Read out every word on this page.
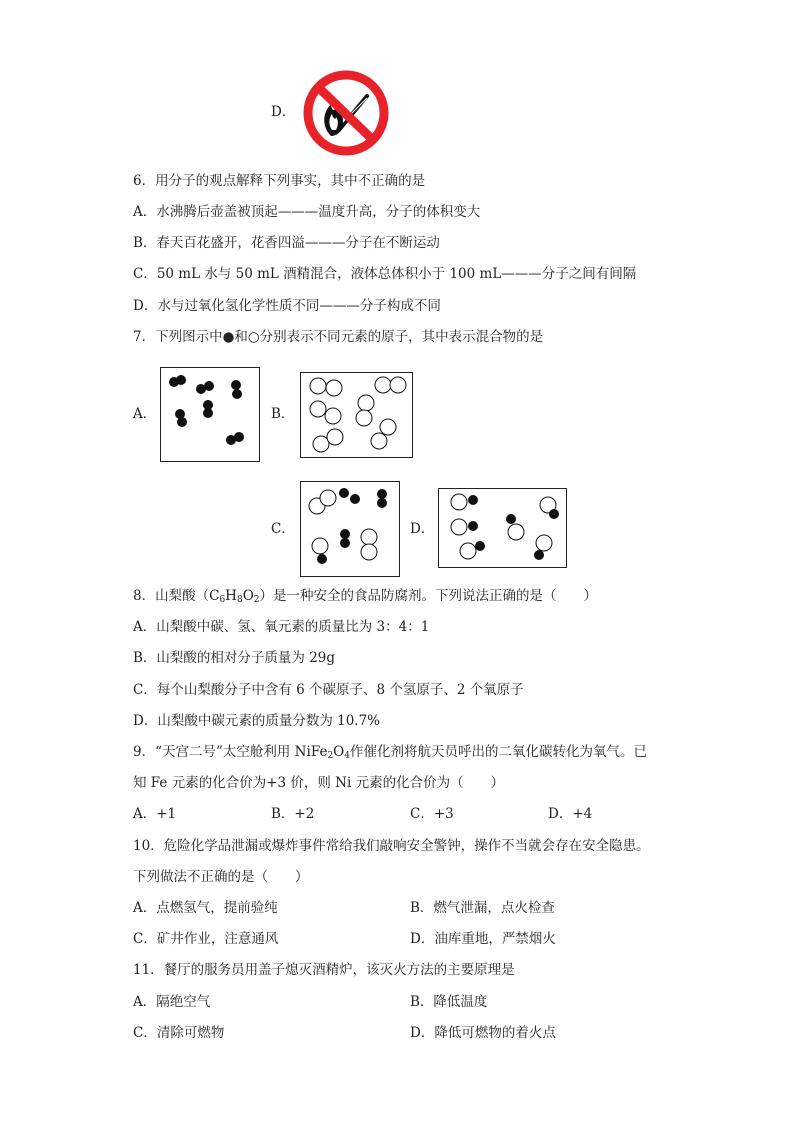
D．
6．用分子的观点解释下列事实，其中不正确的是
A．水沸腾后壶盖被顶起———温度升高，分子的体积变大
B．春天百花盛开，花香四溢———分子在不断运动
C．50 mL 水与 50 mL 酒精混合，液体总体积小于 100 mL———分子之间有间隔
D．水与过氧化氢化学性质不同———分子构成不同
7．下列图示中●和○分别表示不同元素的原子，其中表示混合物的是
A．	B．
C．	D．
8．山梨酸$(C_6H_8O_2)$是一种安全的食品防腐剂。下列说法正确的是（　　）
A．山梨酸中碳、氢、氧元素的质量比为 3：4：1
B．山梨酸的相对分子质量为 29g
C．每个山梨酸分子中含有 6 个碳原子、8 个氢原子、2 个氧原子
D．山梨酸中碳元素的质量分数为 10.7%
9．“天宫二号”太空舱利用 $NiFe_2O_4$作催化剂将航天员呼出的二氧化碳转化为氧气。已
知 Fe 元素的化合价为+3 价，则 Ni 元素的化合价为（　　）
A．+1	B．+2	C．+3	D．+4
10．危险化学品泄漏或爆炸事件常给我们敲响安全警钟，操作不当就会存在安全隐患。
下列做法不正确的是（　　）
A．点燃氢气，提前验纯	B．燃气泄漏，点火检查
C．矿井作业，注意通风	D．油库重地，严禁烟火
11．餐厅的服务员用盖子熄灭酒精炉，该灭火方法的主要原理是
A．隔绝空气	B．降低温度
C．清除可燃物	D．降低可燃物的着火点
